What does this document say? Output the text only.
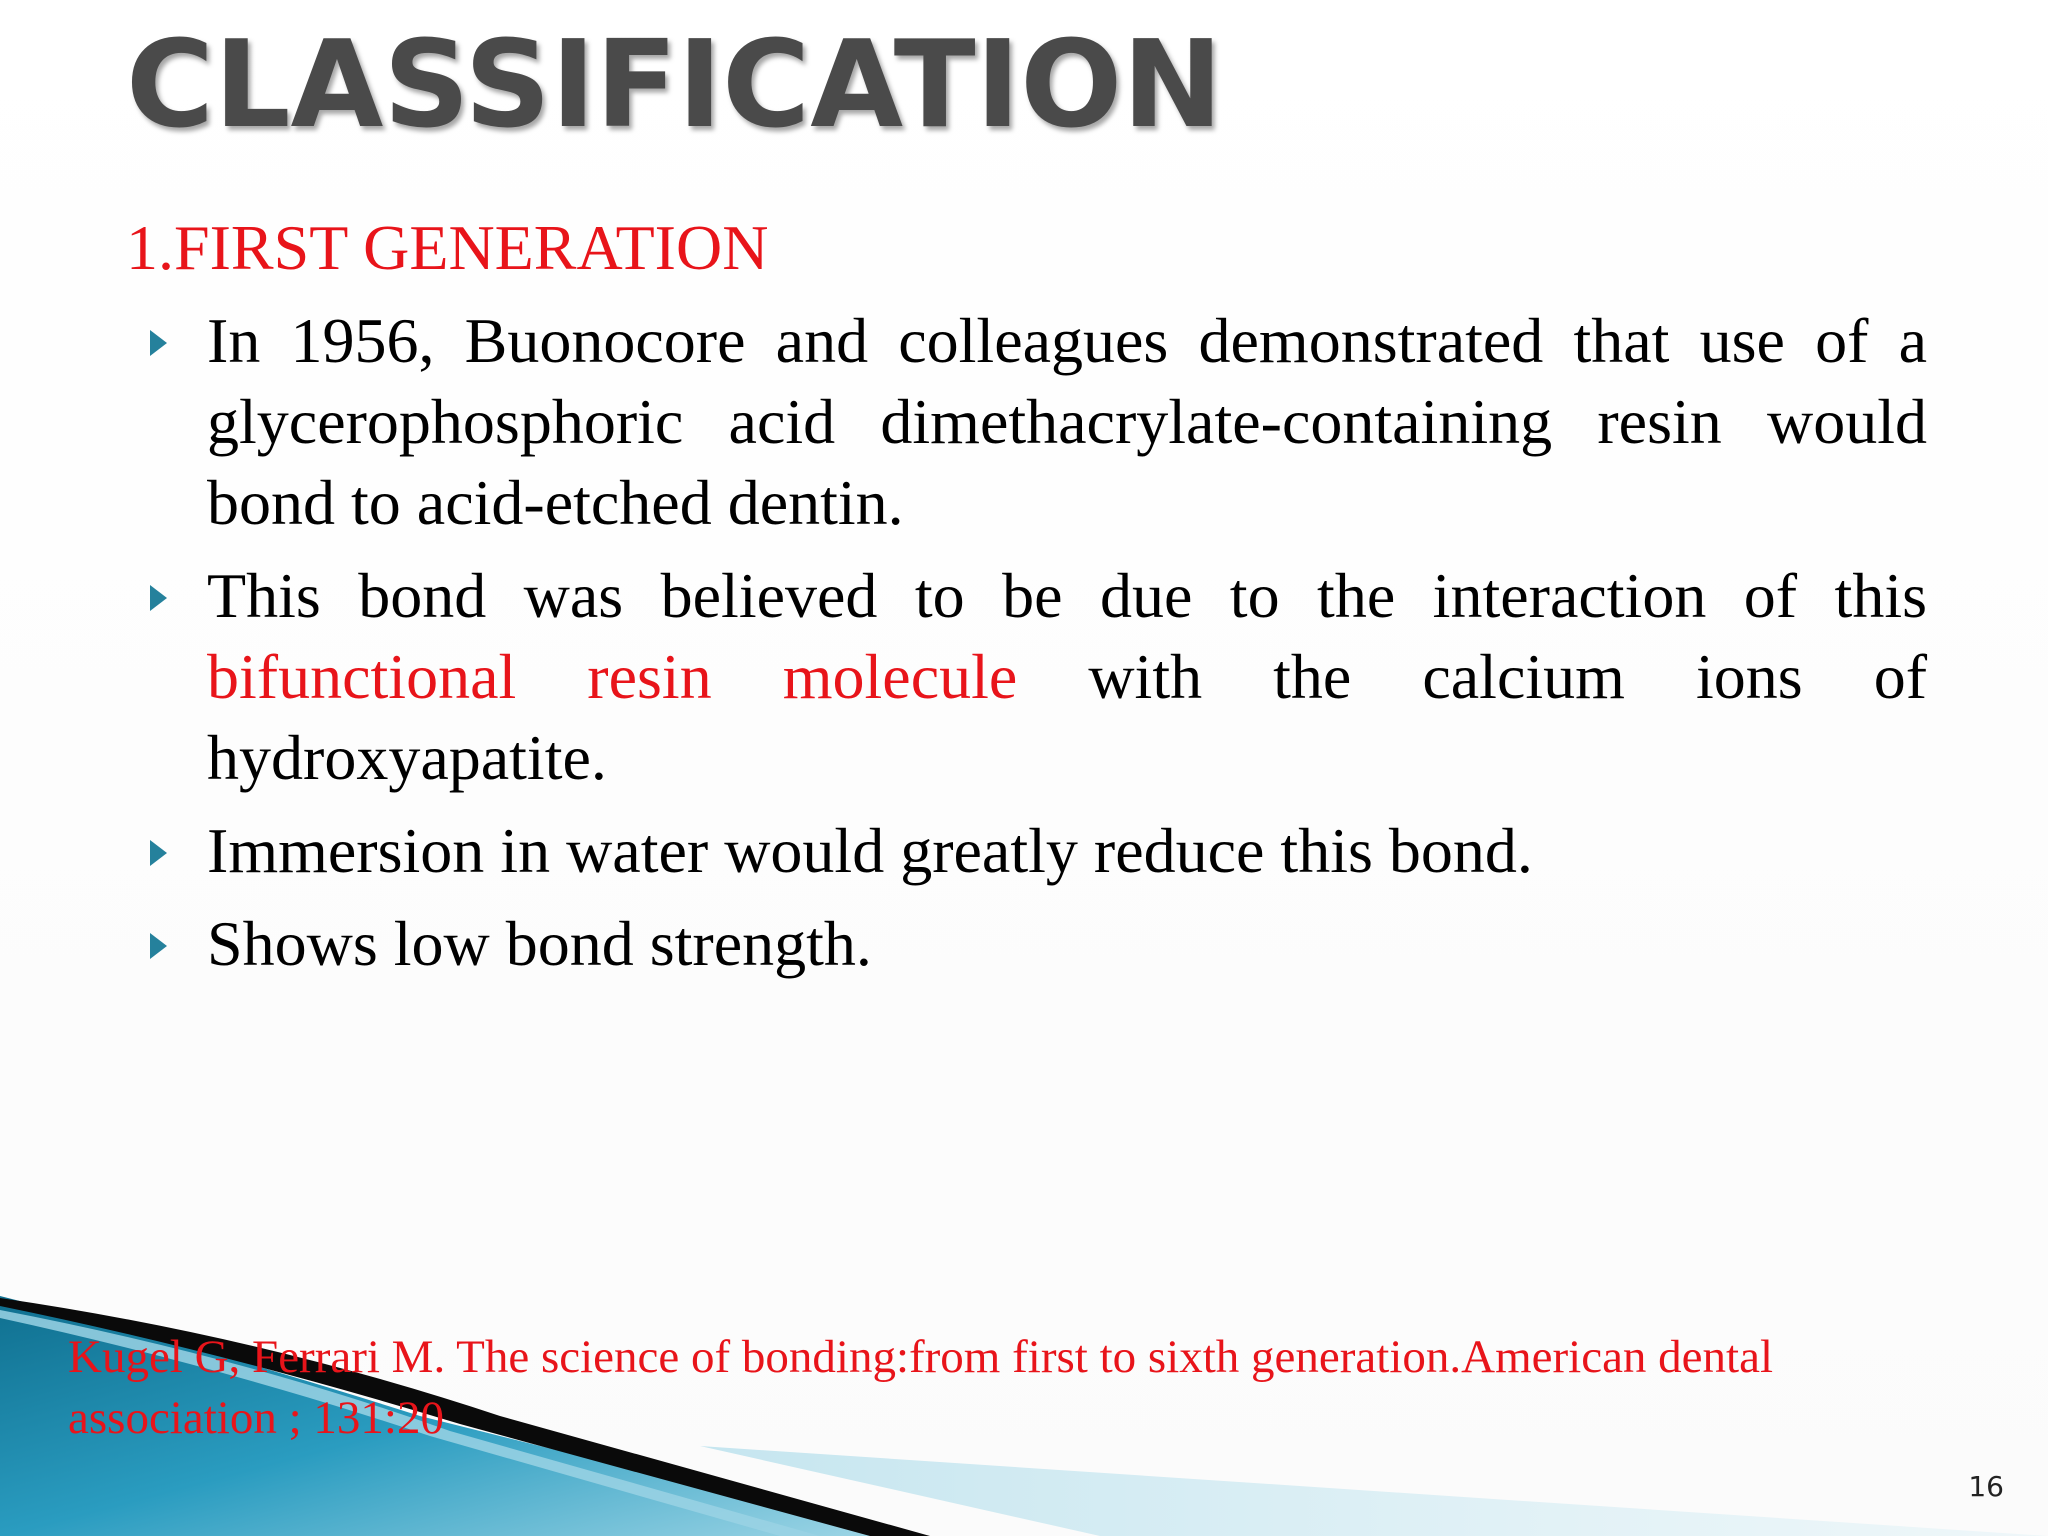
CLASSIFICATION
1.FIRST GENERATION
In 1956, Buonocore and colleagues demonstrated that use of a glycerophosphoric acid dimethacrylate-containing resin would bond to acid-etched dentin.
This bond was believed to be due to the interaction of this bifunctional resin molecule with the calcium ions of hydroxyapatite.
Immersion in water would greatly reduce this bond.
Shows low bond strength.
Kugel G, Ferrari M. The science of bonding:from first to sixth generation.American dental association ; 131:20
16
